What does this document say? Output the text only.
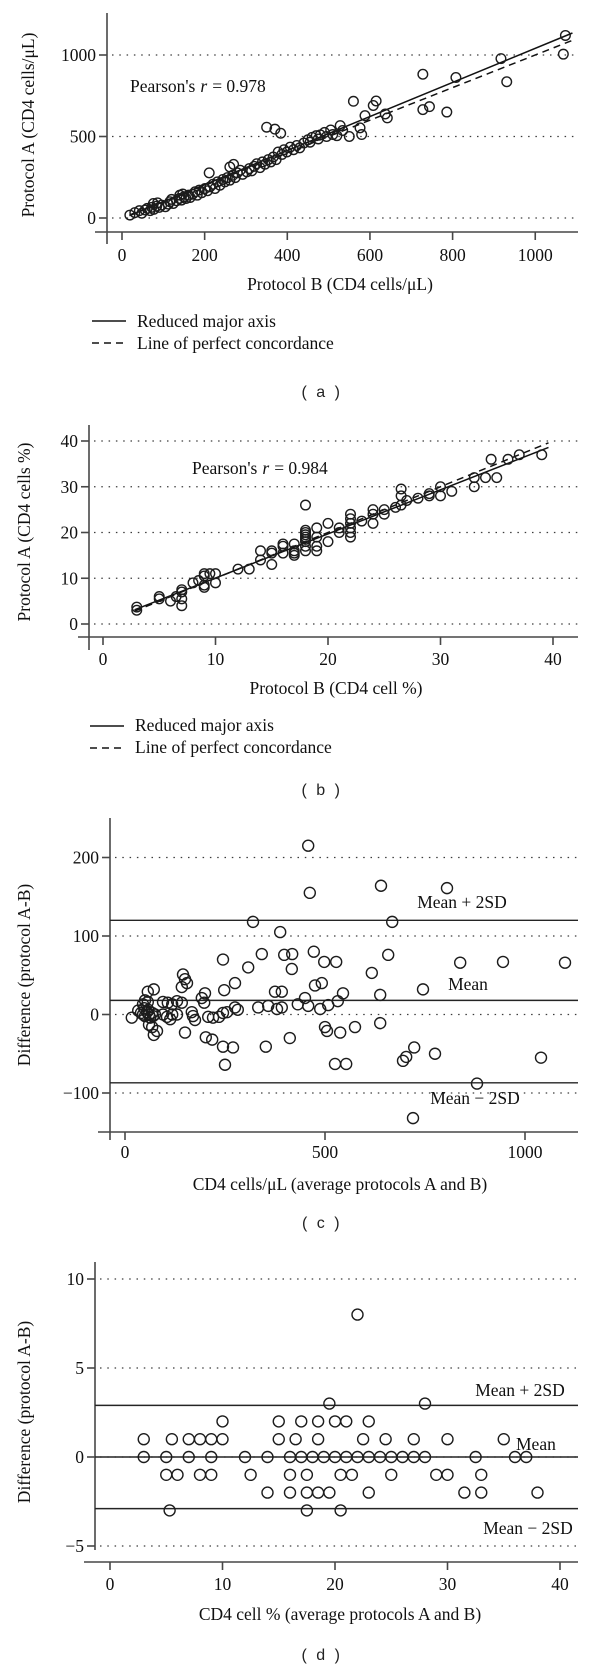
0
500
1000
0	200	400	600	800	1000
0
10
20
30
40
0	10	20	30	40
−100
0
100
200
0	500	1000
−5
0
5
10
0	10	20	30	40
Protocol A (CD4 cells/μL)
Protocol B (CD4 cells/μL)
Pearson's r = 0.978
Reduced major axis
Line of perfect concordance
( a )
Protocol A (CD4 cells %)
Protocol B (CD4 cell %)
Pearson's r = 0.984
Reduced major axis
Line of perfect concordance
( b )
Difference (protocol A-B)
CD4 cells/μL (average protocols A and B)
Mean + 2SD
Mean
Mean − 2SD
( c )
Difference (protocol A-B)
CD4 cell % (average protocols A and B)
Mean + 2SD
Mean
Mean − 2SD
( d )
